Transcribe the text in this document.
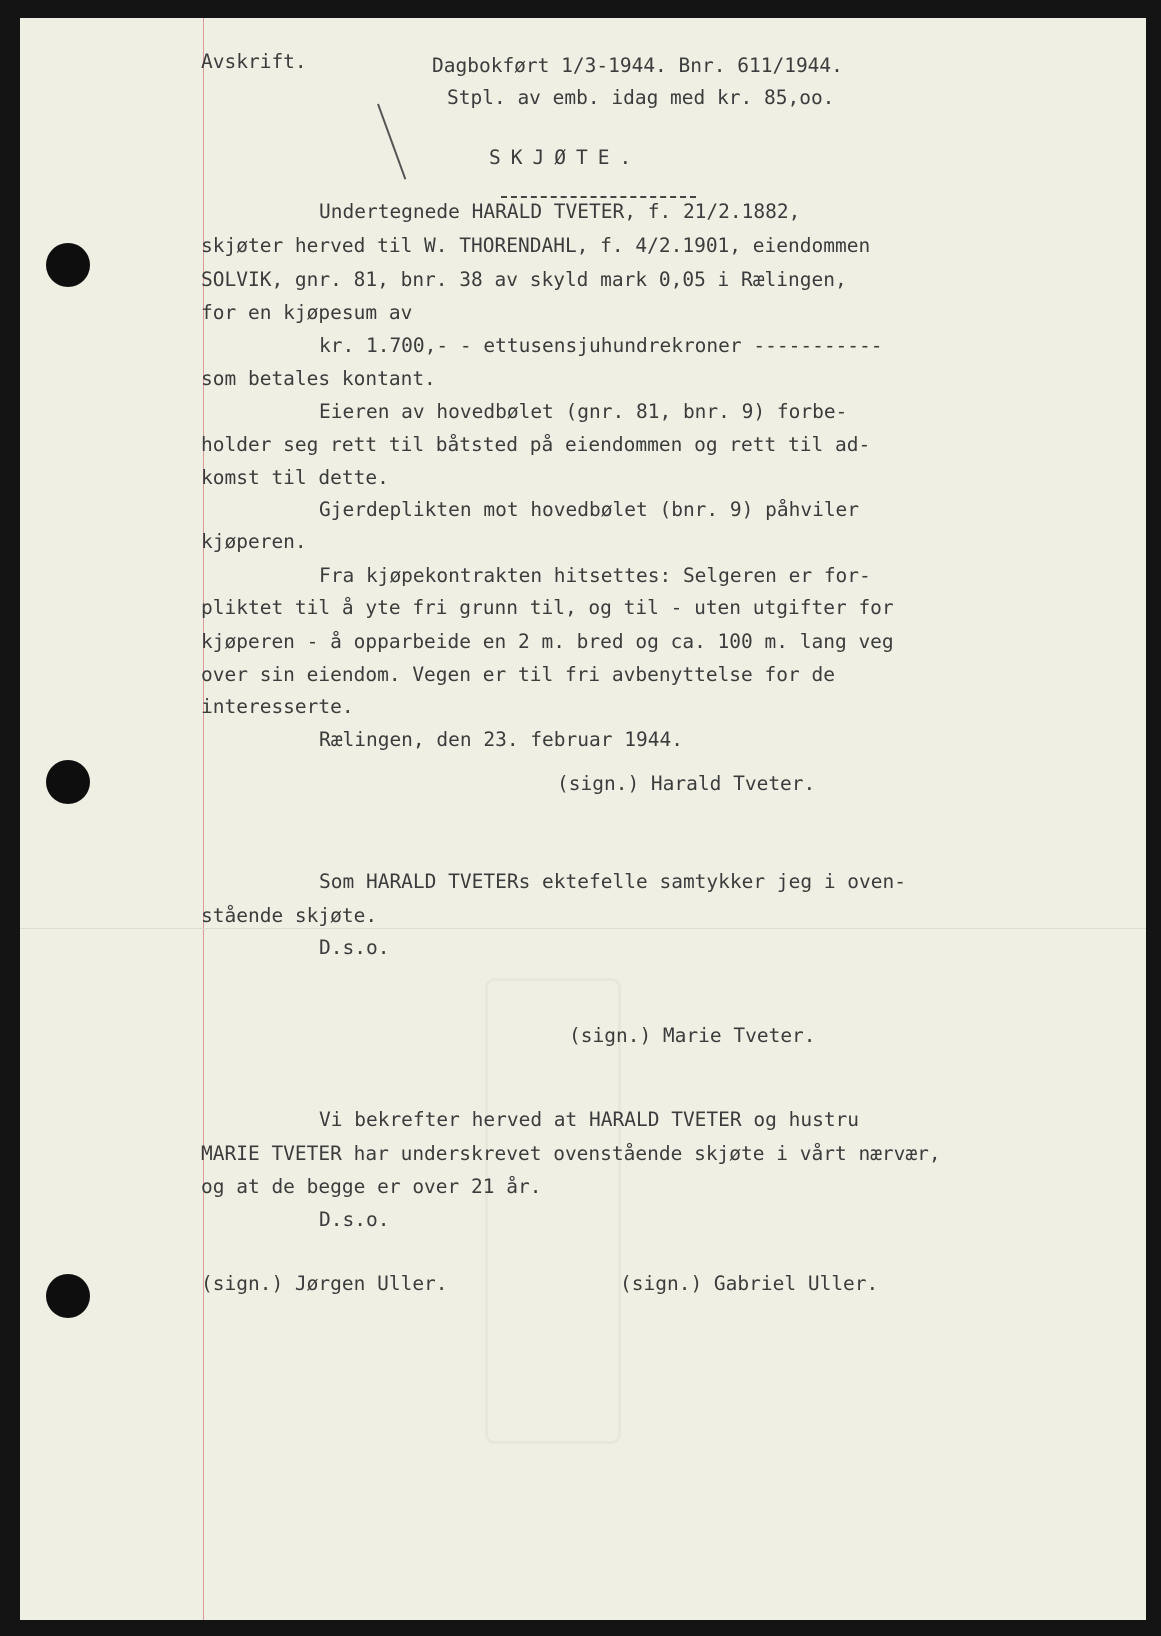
Avskrift.	Dagbokført 1/3-1944. Bnr. 611/1944.
Stpl. av emb. idag med kr. 85,oo.
SKJØTE.
Undertegnede HARALD TVETER, f. 21/2.1882,
skjøter herved til W. THORENDAHL, f. 4/2.1901, eiendommen
SOLVIK, gnr. 81, bnr. 38 av skyld mark 0,05 i Rælingen,
for en kjøpesum av
kr. 1.700,- - ettusensjuhundrekroner -----------
som betales kontant.
Eieren av hovedbølet (gnr. 81, bnr. 9) forbe-
holder seg rett til båtsted på eiendommen og rett til ad-
komst til dette.
Gjerdeplikten mot hovedbølet (bnr. 9) påhviler
kjøperen.
Fra kjøpekontrakten hitsettes: Selgeren er for-
pliktet til å yte fri grunn til, og til - uten utgifter for
kjøperen - å opparbeide en 2 m. bred og ca. 100 m. lang veg
over sin eiendom. Vegen er til fri avbenyttelse for de
interesserte.
Rælingen, den 23. februar 1944.
(sign.) Harald Tveter.
Som HARALD TVETERs ektefelle samtykker jeg i oven-
stående skjøte.
D.s.o.
(sign.) Marie Tveter.
Vi bekrefter herved at HARALD TVETER og hustru
MARIE TVETER har underskrevet ovenstående skjøte i vårt nærvær,
og at de begge er over 21 år.
D.s.o.
(sign.) Jørgen Uller.	(sign.) Gabriel Uller.
